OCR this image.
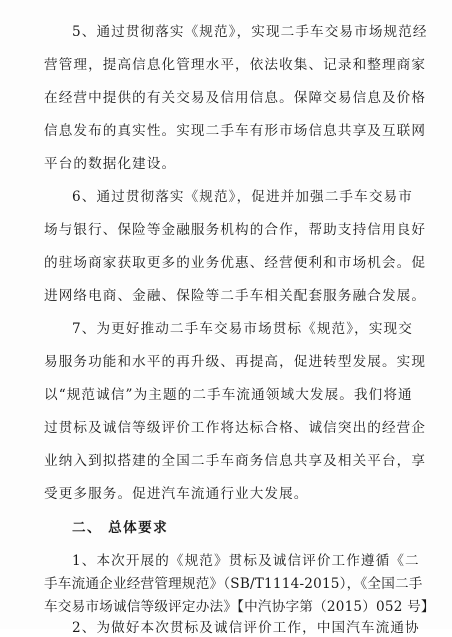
5、通过贯彻落实《规范》，实现二手车交易市场规范经
营管理，提高信息化管理水平，依法收集、记录和整理商家
在经营中提供的有关交易及信用信息。保障交易信息及价格
信息发布的真实性。实现二手车有形市场信息共享及互联网
平台的数据化建设。
6、通过贯彻落实《规范》，促进并加强二手车交易市
场与银行、保险等金融服务机构的合作，帮助支持信用良好
的驻场商家获取更多的业务优惠、经营便利和市场机会。促
进网络电商、金融、保险等二手车相关配套服务融合发展。
7、为更好推动二手车交易市场贯标《规范》，实现交
易服务功能和水平的再升级、再提高，促进转型发展。实现
以“规范诚信”为主题的二手车流通领域大发展。我们将通
过贯标及诚信等级评价工作将达标合格、诚信突出的经营企
业纳入到拟搭建的全国二手车商务信息共享及相关平台，享
受更多服务。促进汽车流通行业大发展。
二、 总体要求
1、本次开展的《规范》贯标及诚信评价工作遵循《二
手车流通企业经营管理规范》（SB/T1114-2015），《全国二手
车交易市场诚信等级评定办法》【中汽协字第（2015）052 号】
2、为做好本次贯标及诚信评价工作，中国汽车流通协
